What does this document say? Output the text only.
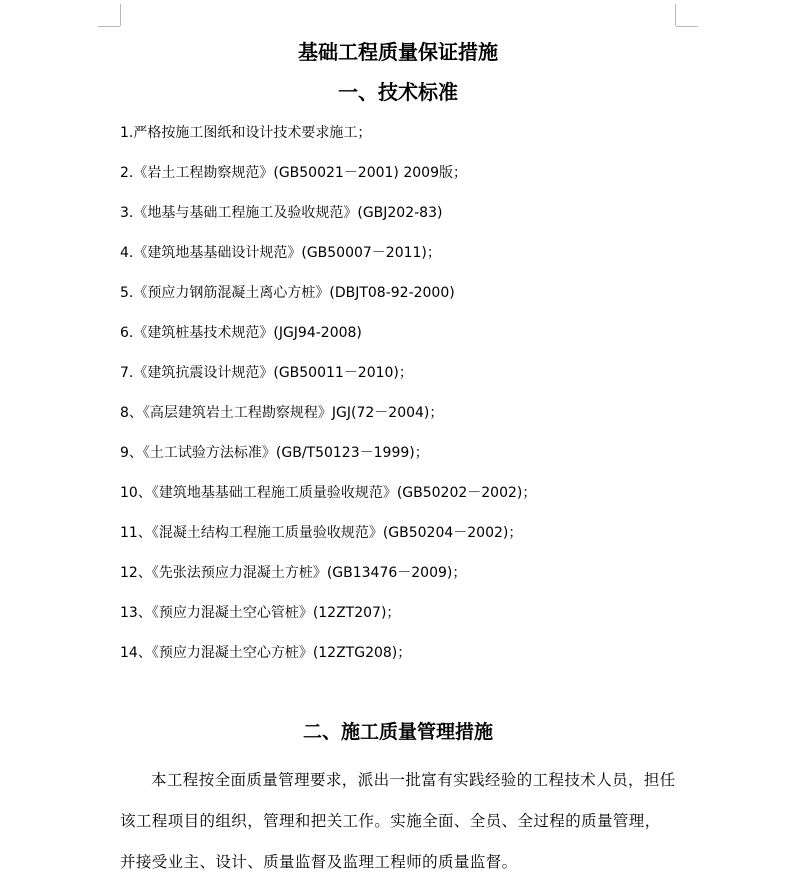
基础工程质量保证措施
一、技术标准
1.严格按施工图纸和设计技术要求施工；
2.《岩土工程勘察规范》(GB50021－2001) 2009版；
3.《地基与基础工程施工及验收规范》(GBJ202-83)
4.《建筑地基基础设计规范》(GB50007－2011)；
5.《预应力钢筋混凝土离心方桩》(DBJT08-92-2000)
6.《建筑桩基技术规范》(JGJ94-2008)
7.《建筑抗震设计规范》(GB50011－2010)；
8、《高层建筑岩土工程勘察规程》JGJ(72－2004)；
9、《土工试验方法标准》(GB/T50123－1999)；
10、《建筑地基基础工程施工质量验收规范》(GB50202－2002)；
11、《混凝土结构工程施工质量验收规范》(GB50204－2002)；
12、《先张法预应力混凝土方桩》(GB13476－2009)；
13、《预应力混凝土空心管桩》(12ZT207)；
14、《预应力混凝土空心方桩》(12ZTG208)；
二、施工质量管理措施

本工程按全面质量管理要求，派出一批富有实践经验的工程技术人员，担任该工程项目的组织，管理和把关工作。实施全面、全员、全过程的质量管理，并接受业主、设计、质量监督及监理工程师的质量监督。
